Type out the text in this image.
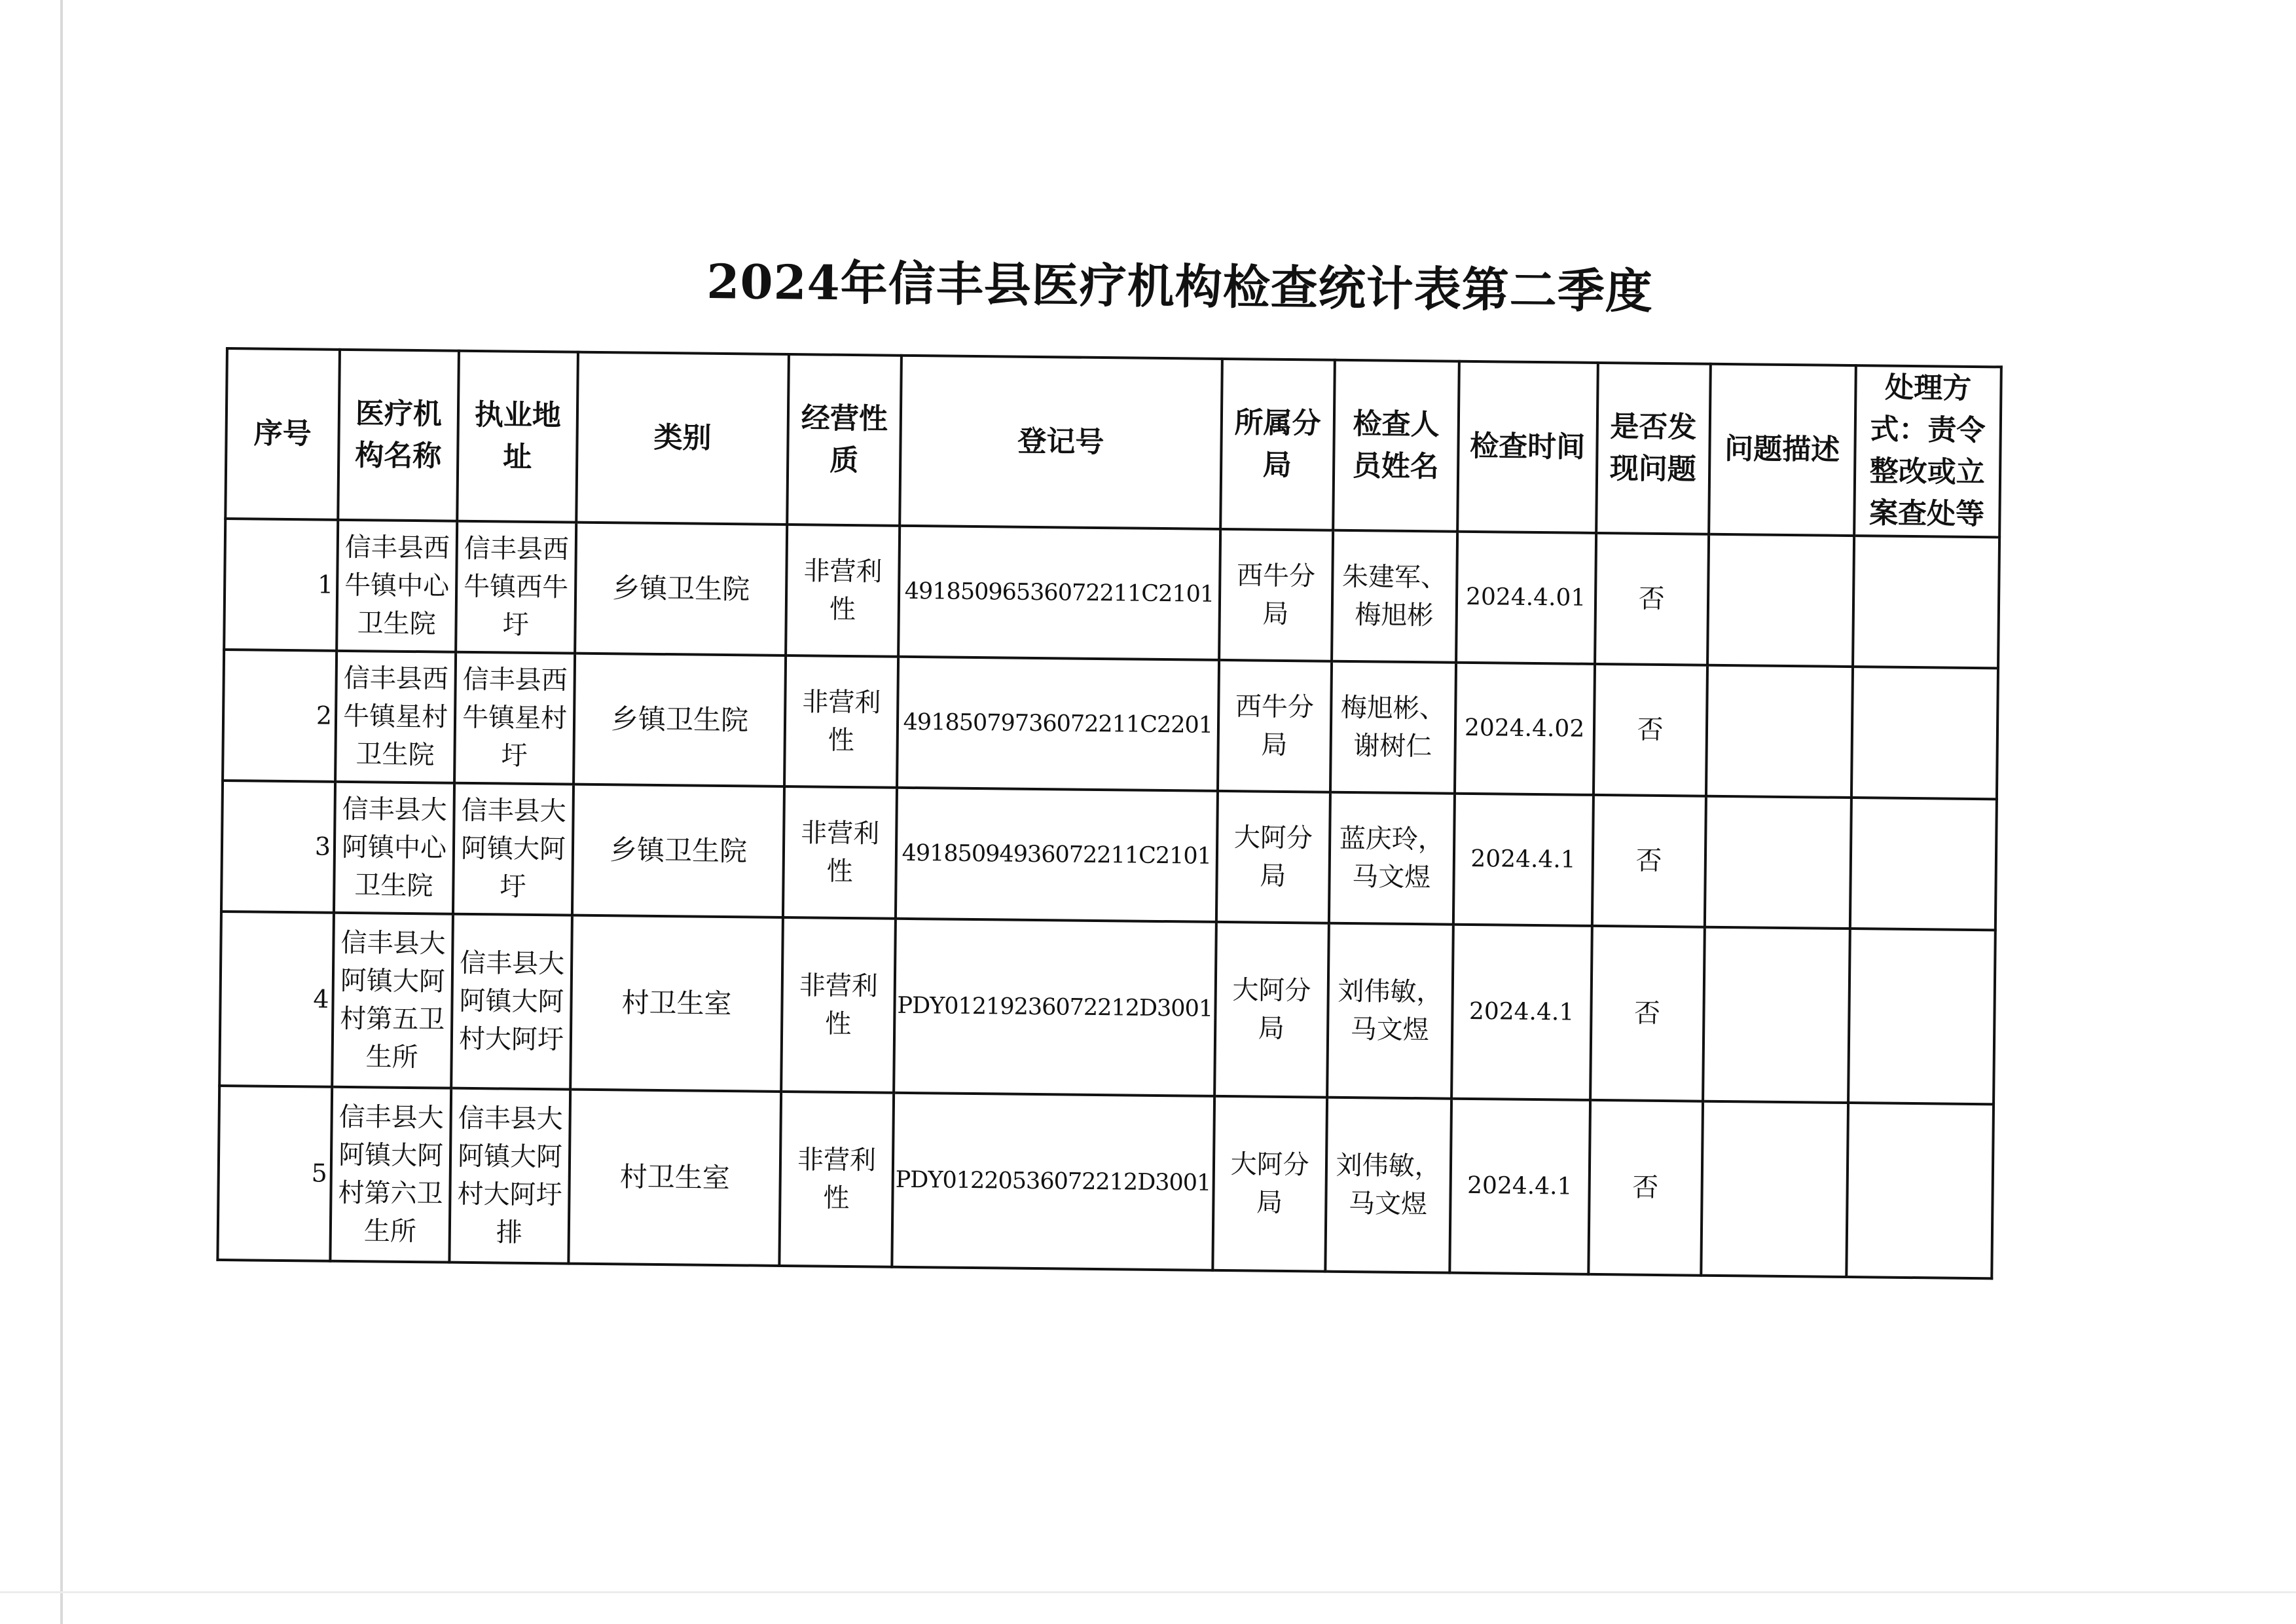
2024年信丰县医疗机构检查统计表第二季度
序号	医疗机构名称	执业地址	类别	经营性质	登记号	所属分局	检查人员姓名	检查时间	是否发现问题	问题描述	处理方式：责令整改或立案查处等
1	信丰县西牛镇中心卫生院	信丰县西牛镇西牛圩	乡镇卫生院	非营利性	49185096536072211C2101	西牛分局	朱建军、梅旭彬	2024.4.01	否		
2	信丰县西牛镇星村卫生院	信丰县西牛镇星村圩	乡镇卫生院	非营利性	49185079736072211C2201	西牛分局	梅旭彬、谢树仁	2024.4.02	否		
3	信丰县大阿镇中心卫生院	信丰县大阿镇大阿圩	乡镇卫生院	非营利性	49185094936072211C2101	大阿分局	蓝庆玲，马文煜	2024.4.1	否		
4	信丰县大阿镇大阿村第五卫生所	信丰县大阿镇大阿村大阿圩	村卫生室	非营利性	PDY01219236072212D3001	大阿分局	刘伟敏，马文煜	2024.4.1	否		
5	信丰县大阿镇大阿村第六卫生所	信丰县大阿镇大阿村大阿圩排	村卫生室	非营利性	PDY01220536072212D3001	大阿分局	刘伟敏，马文煜	2024.4.1	否		
